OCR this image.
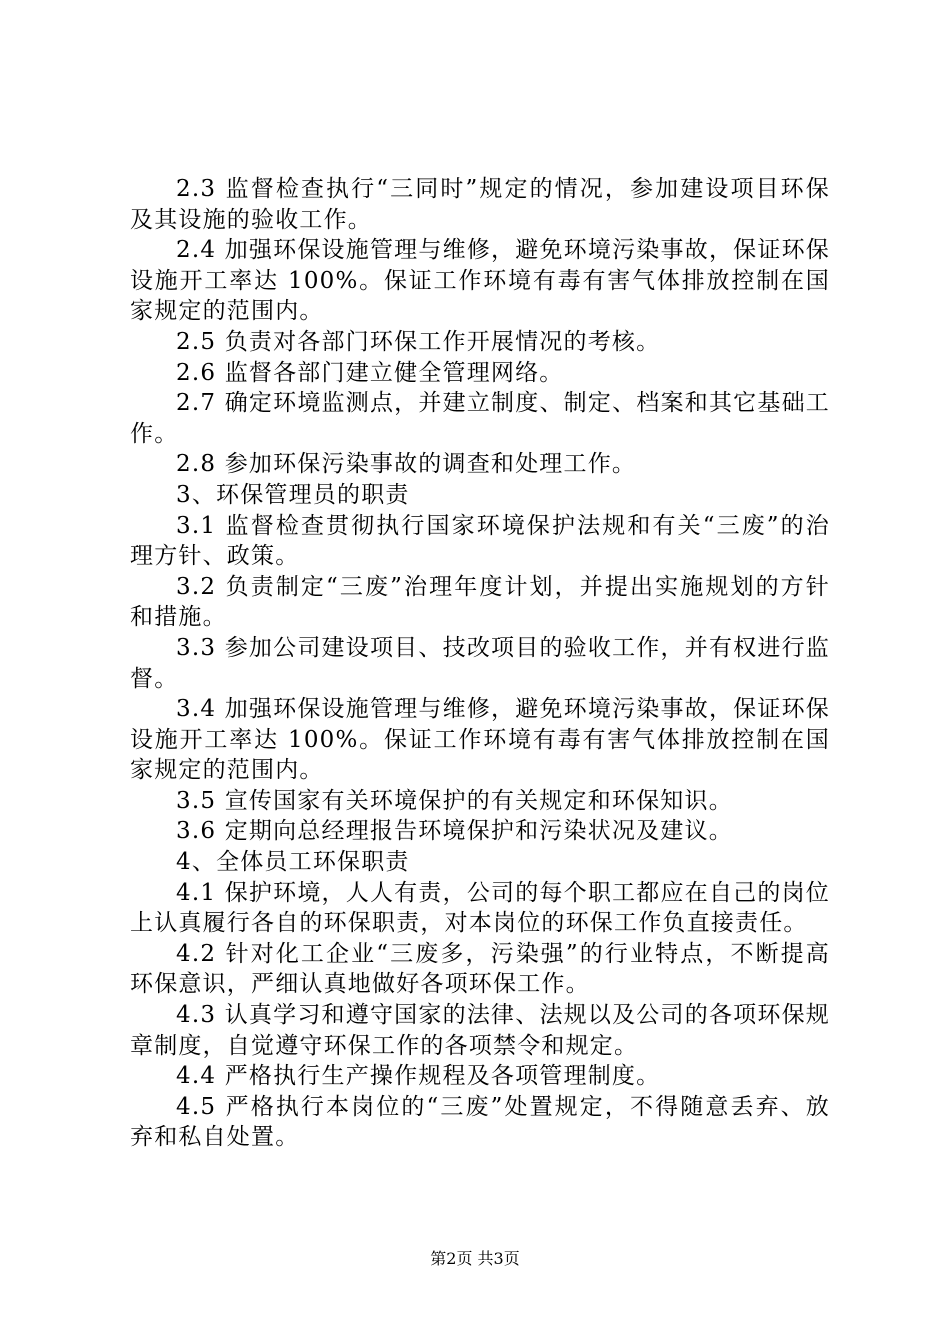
2.3 监督检查执行“三同时”规定的情况，参加建设项目环保及其设施的验收工作。

2.4 加强环保设施管理与维修，避免环境污染事故，保证环保设施开工率达 100%。保证工作环境有毒有害气体排放控制在国家规定的范围内。

2.5 负责对各部门环保工作开展情况的考核。

2.6 监督各部门建立健全管理网络。

2.7 确定环境监测点，并建立制度、制定、档案和其它基础工作。

2.8 参加环保污染事故的调查和处理工作。

3、环保管理员的职责

3.1 监督检查贯彻执行国家环境保护法规和有关“三废”的治理方针、政策。

3.2 负责制定“三废”治理年度计划，并提出实施规划的方针和措施。

3.3 参加公司建设项目、技改项目的验收工作，并有权进行监督。

3.4 加强环保设施管理与维修，避免环境污染事故，保证环保设施开工率达 100%。保证工作环境有毒有害气体排放控制在国家规定的范围内。

3.5 宣传国家有关环境保护的有关规定和环保知识。

3.6 定期向总经理报告环境保护和污染状况及建议。

4、全体员工环保职责

4.1 保护环境，人人有责，公司的每个职工都应在自己的岗位上认真履行各自的环保职责，对本岗位的环保工作负直接责任。

4.2 针对化工企业“三废多，污染强”的行业特点，不断提高环保意识，严细认真地做好各项环保工作。

4.3 认真学习和遵守国家的法律、法规以及公司的各项环保规章制度，自觉遵守环保工作的各项禁令和规定。

4.4 严格执行生产操作规程及各项管理制度。

4.5 严格执行本岗位的“三废”处置规定，不得随意丢弃、放弃和私自处置。

第2页 共3页
